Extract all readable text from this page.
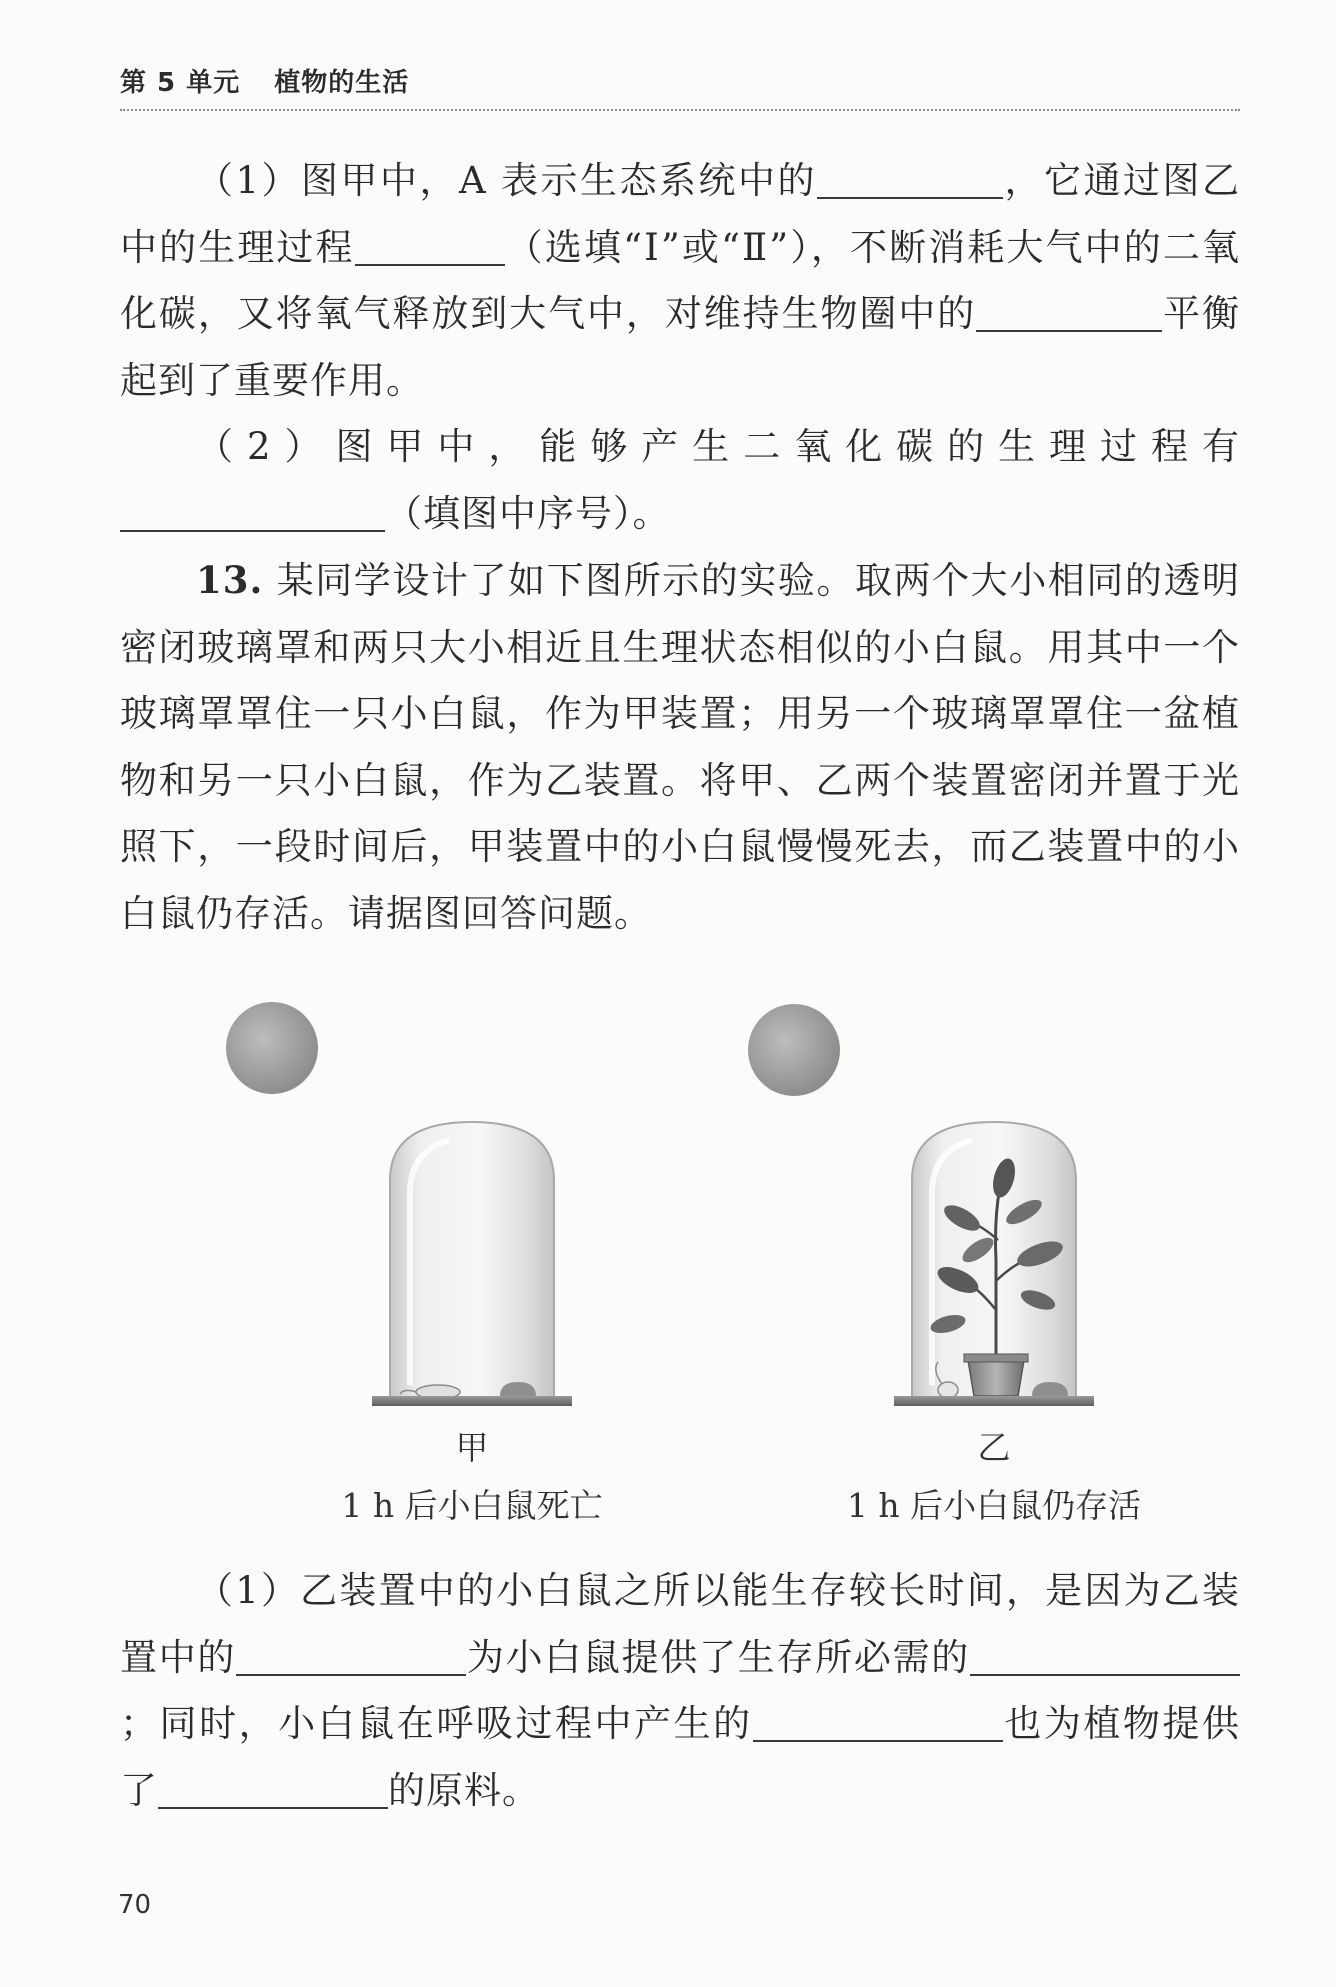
第 5 单元 植物的生活

（1）图甲中，A 表示生态系统中的	，它通过图乙中的生理过程	（选填“Ⅰ”或“Ⅱ”），不断消耗大气中的二氧化碳，又将氧气释放到大气中，对维持生物圈中的	平衡起到了重要作用。

（2）图甲中，能够产生二氧化碳的生理过程有（填图中序号）。

13. 某同学设计了如下图所示的实验。取两个大小相同的透明密闭玻璃罩和两只大小相近且生理状态相似的小白鼠。用其中一个玻璃罩罩住一只小白鼠，作为甲装置；用另一个玻璃罩罩住一盆植物和另一只小白鼠，作为乙装置。将甲、乙两个装置密闭并置于光照下，一段时间后，甲装置中的小白鼠慢慢死去，而乙装置中的小白鼠仍存活。请据图回答问题。

甲
1 h 后小白鼠死亡
乙
1 h 后小白鼠仍存活

（1）乙装置中的小白鼠之所以能生存较长时间，是因为乙装置中的	为小白鼠提供了生存所必需的；同时，小白鼠在呼吸过程中产生的	也为植物提供了	的原料。

70
